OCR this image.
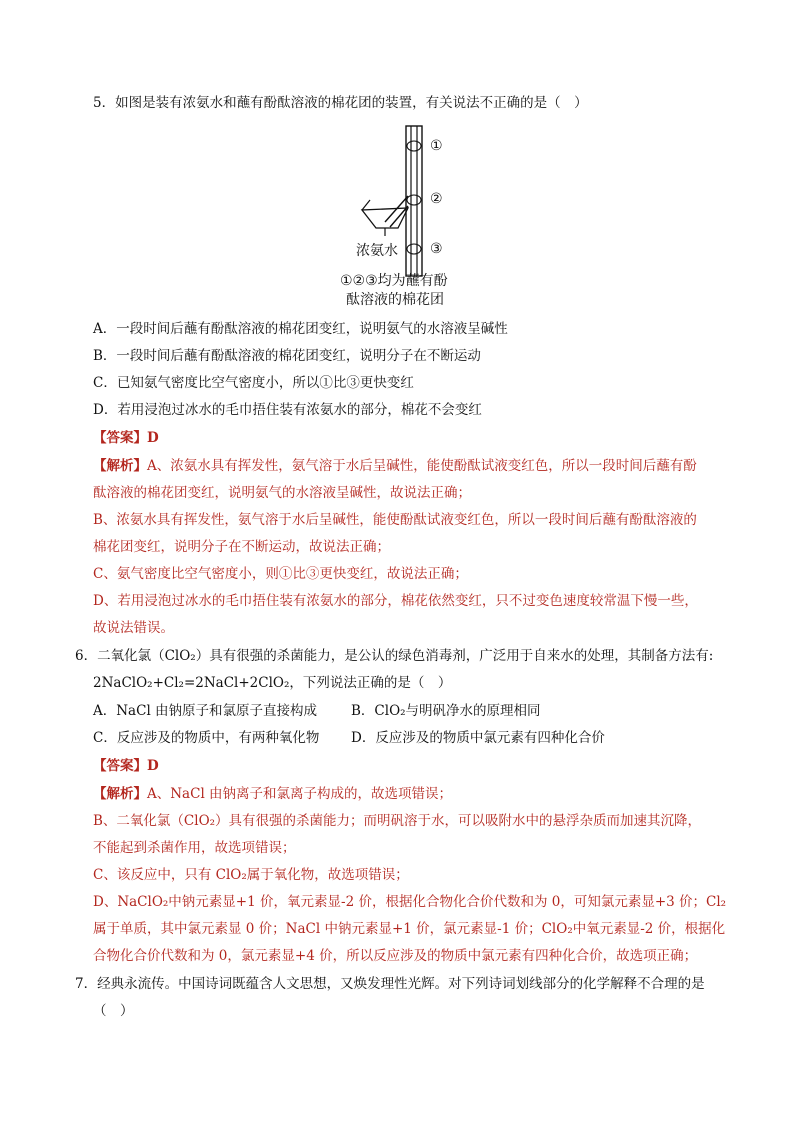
5．如图是装有浓氨水和蘸有酚酞溶液的棉花团的装置，有关说法不正确的是（　）
①
②
③
浓氨水
①②③均为蘸有酚
酞溶液的棉花团
A．一段时间后蘸有酚酞溶液的棉花团变红，说明氨气的水溶液呈碱性
B．一段时间后蘸有酚酞溶液的棉花团变红，说明分子在不断运动
C．已知氨气密度比空气密度小，所以①比③更快变红
D．若用浸泡过冰水的毛巾捂住装有浓氨水的部分，棉花不会变红
【答案】D
【解析】A、浓氨水具有挥发性，氨气溶于水后呈碱性，能使酚酞试液变红色，所以一段时间后蘸有酚
酞溶液的棉花团变红，说明氨气的水溶液呈碱性，故说法正确；
B、浓氨水具有挥发性，氨气溶于水后呈碱性，能使酚酞试液变红色，所以一段时间后蘸有酚酞溶液的
棉花团变红，说明分子在不断运动，故说法正确；
C、氨气密度比空气密度小，则①比③更快变红，故说法正确；
D、若用浸泡过冰水的毛巾捂住装有浓氨水的部分，棉花依然变红，只不过变色速度较常温下慢一些，
故说法错误。
6．二氧化氯（ClO₂）具有很强的杀菌能力，是公认的绿色消毒剂，广泛用于自来水的处理，其制备方法有:
2NaClO₂+Cl₂=2NaCl+2ClO₂，下列说法正确的是（　）
A．NaCl 由钠原子和氯原子直接构成	B．ClO₂与明矾净水的原理相同
C．反应涉及的物质中，有两种氧化物 D．反应涉及的物质中氯元素有四种化合价
【答案】D
【解析】A、NaCl 由钠离子和氯离子构成的，故选项错误；
B、二氧化氯（ClO₂）具有很强的杀菌能力；而明矾溶于水，可以吸附水中的悬浮杂质而加速其沉降，
不能起到杀菌作用，故选项错误；
C、该反应中，只有 ClO₂属于氧化物，故选项错误；
D、NaClO₂中钠元素显+1 价，氧元素显-2 价，根据化合物化合价代数和为 0，可知氯元素显+3 价；Cl₂
属于单质，其中氯元素显 0 价；NaCl 中钠元素显+1 价，氯元素显-1 价；ClO₂中氧元素显-2 价，根据化
合物化合价代数和为 0，氯元素显+4 价，所以反应涉及的物质中氯元素有四种化合价，故选项正确；
7．经典永流传。中国诗词既蕴含人文思想，又焕发理性光辉。对下列诗词划线部分的化学解释不合理的是
（　）
